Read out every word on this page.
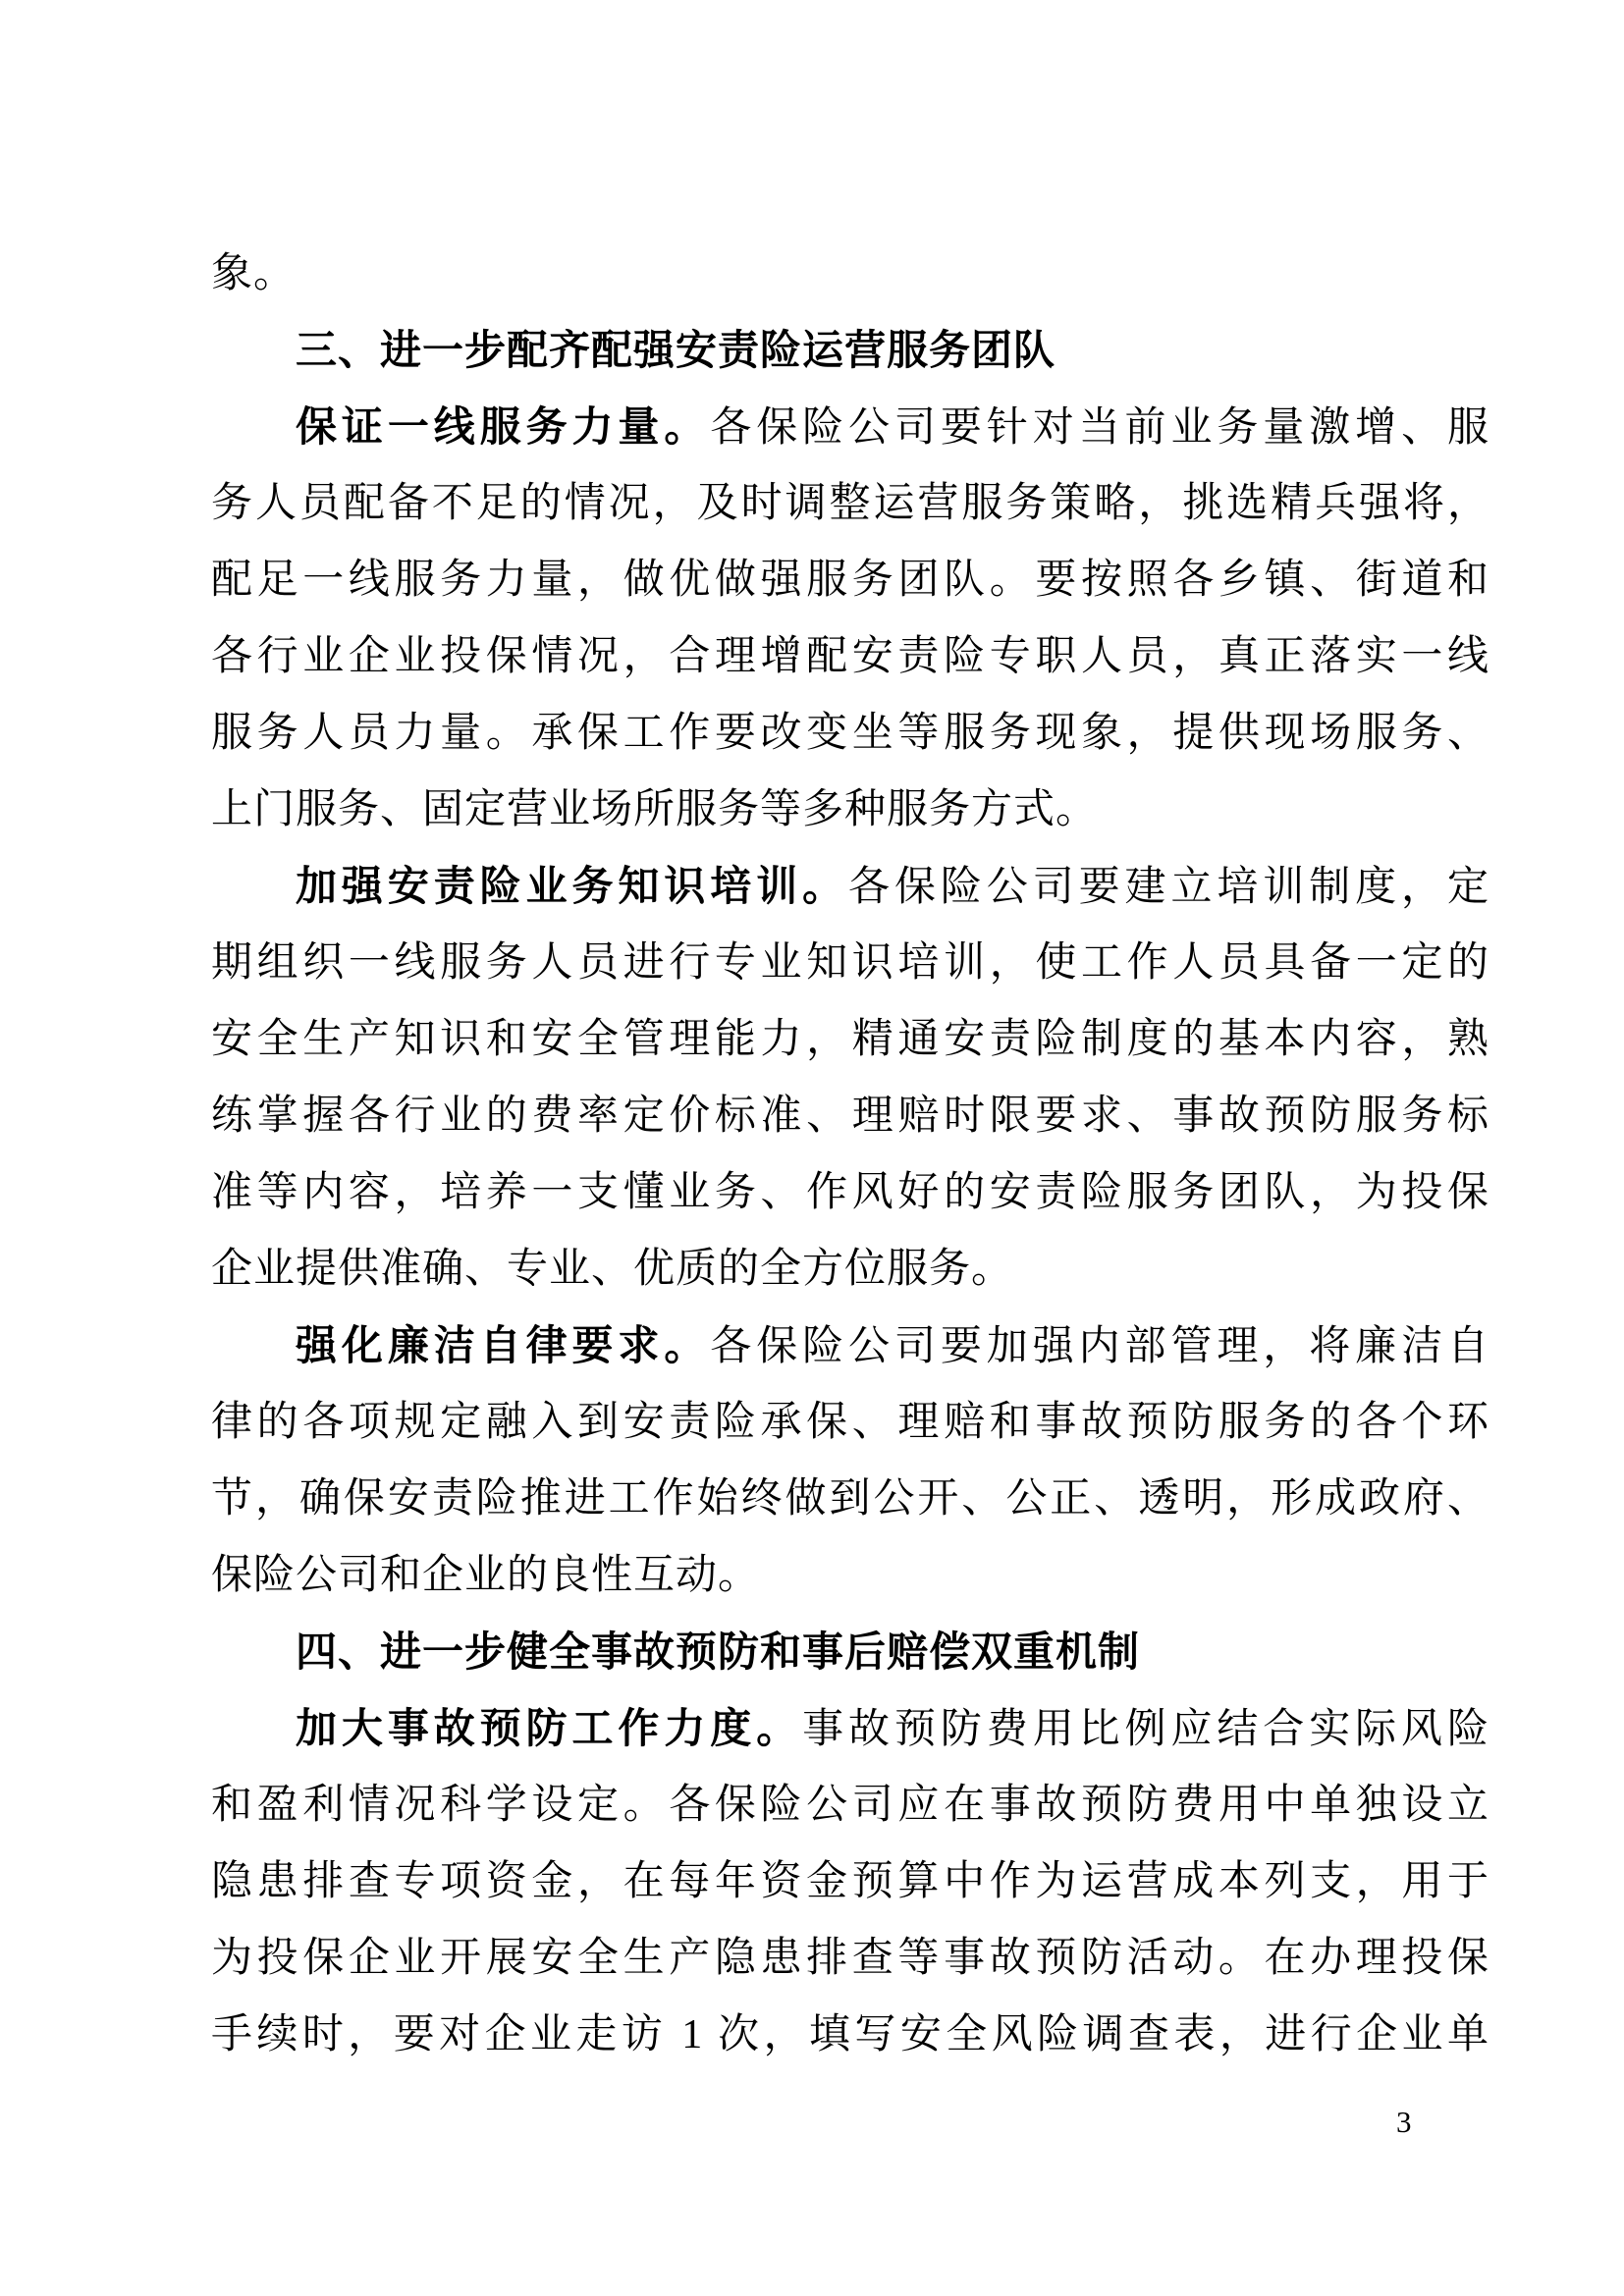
象。
三、进一步配齐配强安责险运营服务团队
保证一线服务力量。各保险公司要针对当前业务量激增、服
务人员配备不足的情况，及时调整运营服务策略，挑选精兵强将，
配足一线服务力量，做优做强服务团队。要按照各乡镇、街道和
各行业企业投保情况，合理增配安责险专职人员，真正落实一线
服务人员力量。承保工作要改变坐等服务现象，提供现场服务、
上门服务、固定营业场所服务等多种服务方式。
加强安责险业务知识培训。各保险公司要建立培训制度，定
期组织一线服务人员进行专业知识培训，使工作人员具备一定的
安全生产知识和安全管理能力，精通安责险制度的基本内容，熟
练掌握各行业的费率定价标准、理赔时限要求、事故预防服务标
准等内容，培养一支懂业务、作风好的安责险服务团队，为投保
企业提供准确、专业、优质的全方位服务。
强化廉洁自律要求。各保险公司要加强内部管理，将廉洁自
律的各项规定融入到安责险承保、理赔和事故预防服务的各个环
节，确保安责险推进工作始终做到公开、公正、透明，形成政府、
保险公司和企业的良性互动。
四、进一步健全事故预防和事后赔偿双重机制
加大事故预防工作力度。事故预防费用比例应结合实际风险
和盈利情况科学设定。各保险公司应在事故预防费用中单独设立
隐患排查专项资金，在每年资金预算中作为运营成本列支，用于
为投保企业开展安全生产隐患排查等事故预防活动。在办理投保
手续时，要对企业走访 1 次，填写安全风险调查表，进行企业单
3
